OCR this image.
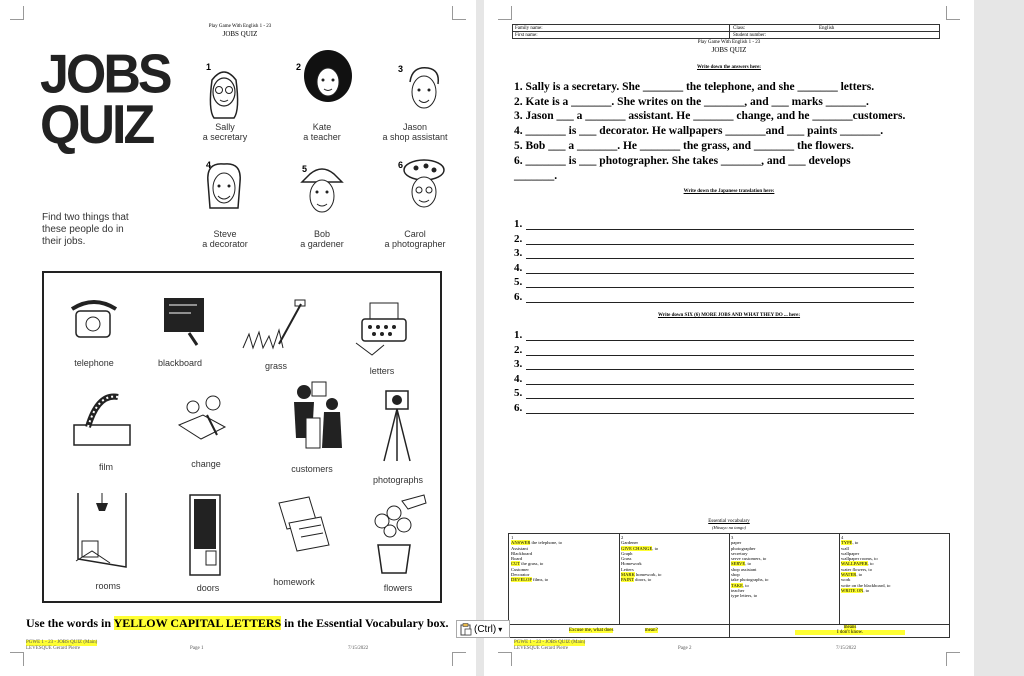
Play Game With English 1 - 23
JOBS QUIZ
JOBS
QUIZ
1
Sally
a secretary
2
Kate
a teacher
3
Jason
a shop assistant
4
Steve
a decorator
5
Bob
a gardener
6
Carol
a photographer
Find two things that these people do in their jobs.
telephone	blackboard	grass	letters
film	change	customers
photographs
rooms	doors
homework
flowers
Use the words in YELLOW CAPITAL LETTERS in the Essential Vocabulary box.
PGWE 1 - 23 - JOBS QUIZ (Main)
LEVESQUE Gerard Pierre	Page 1	7/15/2022
(Ctrl) ▾
Family name:
First name:
Class:	English
Student number:
Play Game With English 1 - 23
JOBS QUIZ
Write down the answers here:
1. Sally is a secretary. She _______ the telephone, and she _______ letters.
2. Kate is a _______. She writes on the _______, and ___ marks _______.
3. Jason ___ a _______ assistant. He _______ change, and he _______customers.
4. _______ is ___ decorator. He wallpapers _______and ___ paints _______.
5. Bob ___ a _______. He _______ the grass, and _______ the flowers.
6. _______ is ___ photographer. She takes _______, and ___ develops
_______.
Write down the Japanese translation here:
1.
2.
3.
4.
5.
6.
Write down SIX (6) MORE JOBS AND WHAT THEY DO ... here:
1.
2.
3.
4.
5.
6.
Essential vocabulary
(Hitsuyo na tango)
1
ANSWER the telephone, to
Assistant
Blackboard
Board
CUT the grass, to
Customer
Decorator
DEVELOP films, to
2
Gardener
GIVE CHANGE, to
Graph
Grass
Homework
Letters
MARK homework, to
PAINT doors, to
3
paper
photographer
secretary
serve customers, to
SERVE, to
shop assistant
shop
take photographs, to
TAKE, to
teacher
type letters, to
4
TYPE, to
wall
wallpaper
wallpaper rooms, to
WALLPAPER, to
water flowers, to
WATER, to
work
write on the blackboard, to
WRITE ON, to
Excuse me, what does	mean?
means
I don't know.
PGWE 1 - 23 - JOBS QUIZ (Main)
LEVESQUE Gerard Pierre	Page 2	7/15/2022
